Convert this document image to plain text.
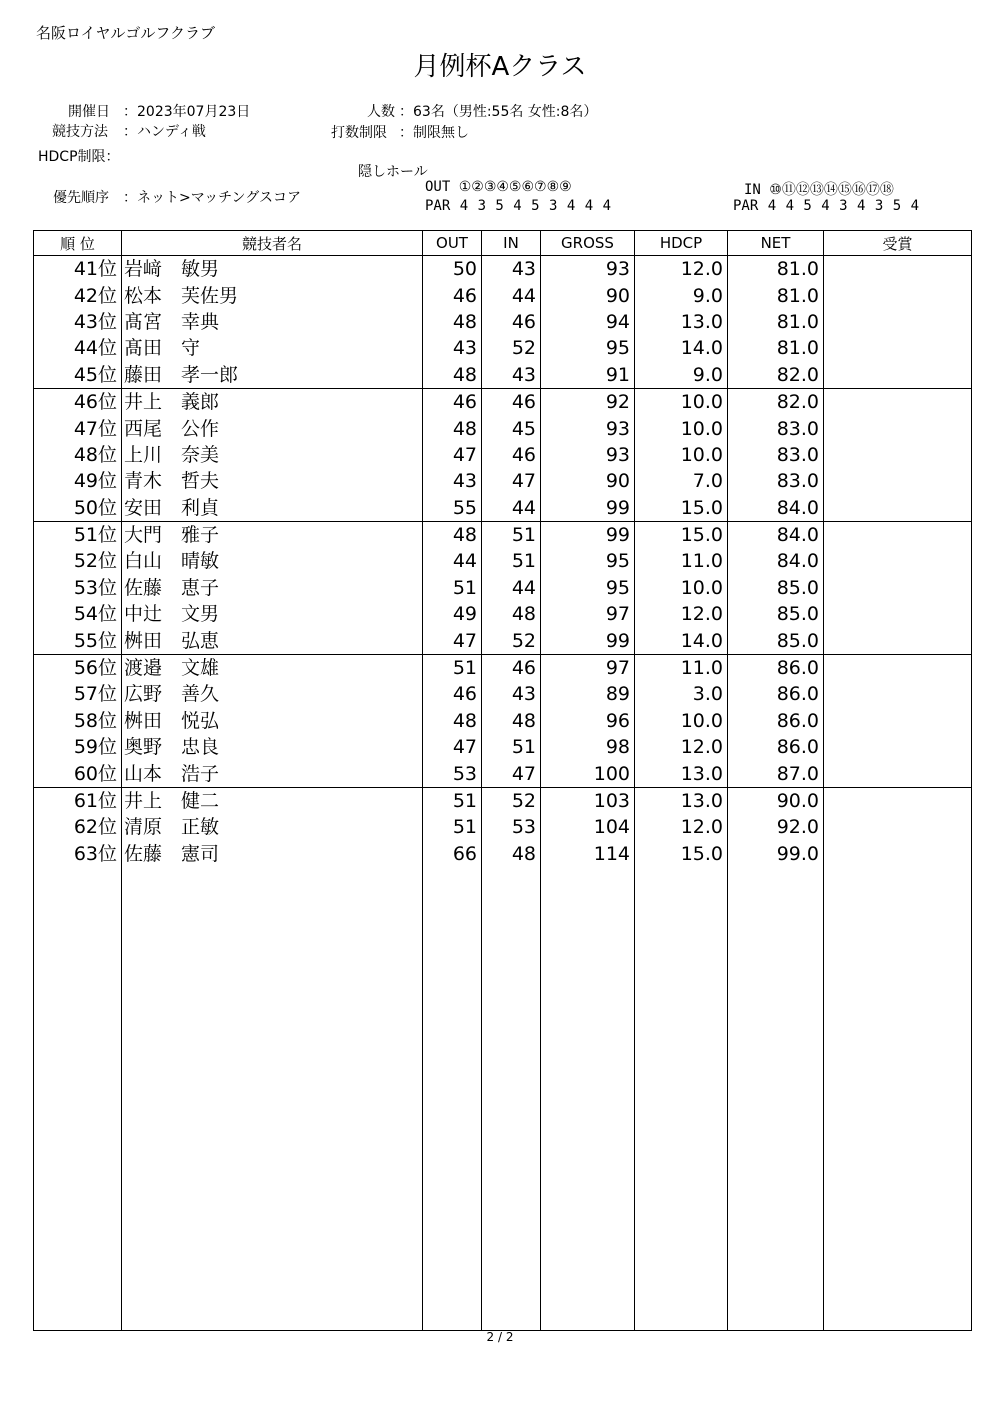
名阪ロイヤルゴルフクラブ
月例杯Aクラス
開催日 ：2023年07月23日
競技方法 ：ハンディ戦
HDCP制限：
人数 ：63名（男性:55名 女性:8名）
打数制限 ：制限無し
隠しホール
優先順序 ：ネット>マッチングスコア
OUT ①②③④⑤⑥⑦⑧⑨
PAR 4 3 5 4 5 3 4 4 4
IN ⑩⑪⑫⑬⑭⑮⑯⑰⑱
PAR 4 4 5 4 3 4 3 5 4
順 位	競技者名	OUT	IN	GROSS	HDCP	NET	受賞
41位	岩﨑　敏男	50	43	93	12.0	81.0	
42位	松本　芙佐男	46	44	90	9.0	81.0	
43位	髙宮　幸典	48	46	94	13.0	81.0	
44位	髙田　守	43	52	95	14.0	81.0	
45位	藤田　孝一郎	48	43	91	9.0	82.0	
46位	井上　義郎	46	46	92	10.0	82.0	
47位	西尾　公作	48	45	93	10.0	83.0	
48位	上川　奈美	47	46	93	10.0	83.0	
49位	青木　哲夫	43	47	90	7.0	83.0	
50位	安田　利貞	55	44	99	15.0	84.0	
51位	大門　雅子	48	51	99	15.0	84.0	
52位	白山　晴敏	44	51	95	11.0	84.0	
53位	佐藤　恵子	51	44	95	10.0	85.0	
54位	中辻　文男	49	48	97	12.0	85.0	
55位	桝田　弘恵	47	52	99	14.0	85.0	
56位	渡邉　文雄	51	46	97	11.0	86.0	
57位	広野　善久	46	43	89	3.0	86.0	
58位	桝田　悦弘	48	48	96	10.0	86.0	
59位	奥野　忠良	47	51	98	12.0	86.0	
60位	山本　浩子	53	47	100	13.0	87.0	
61位	井上　健二	51	52	103	13.0	90.0	
62位	清原　正敏	51	53	104	12.0	92.0	
63位	佐藤　憲司	66	48	114	15.0	99.0	

2 / 2
